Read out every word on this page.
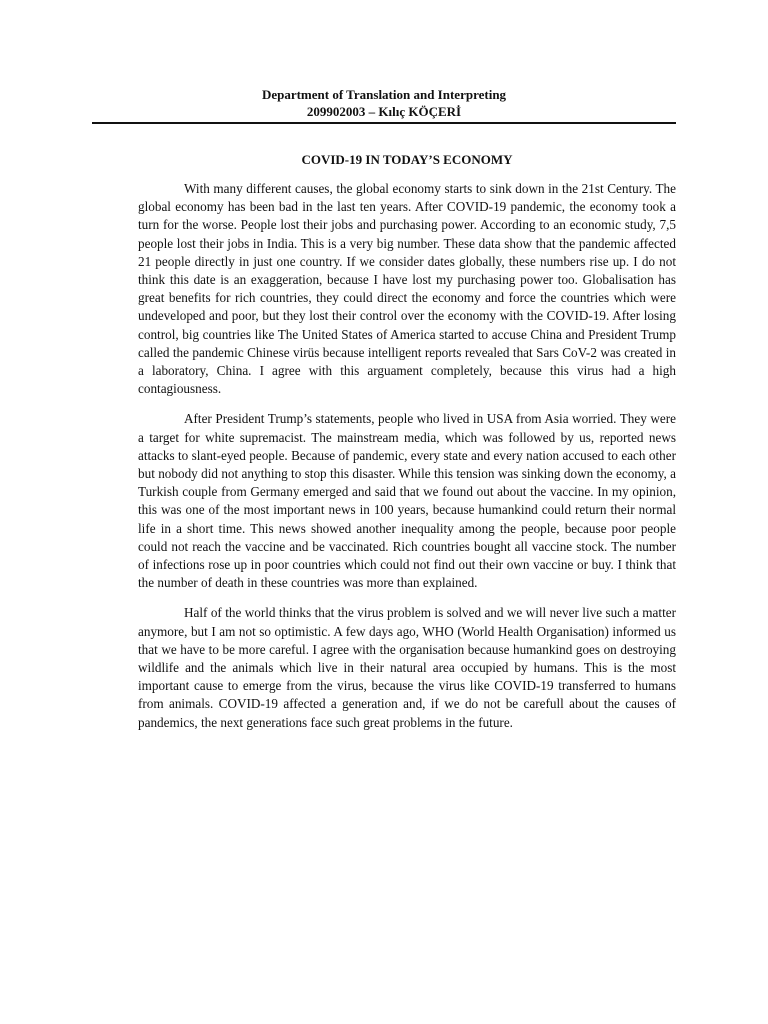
Department of Translation and Interpreting

209902003 – Kılıç KÖÇERİ

COVID-19 IN TODAY’S ECONOMY

With many different causes, the global economy starts to sink down in the 21st Century. The global economy has been bad in the last ten years. After COVID-19 pandemic, the economy took a turn for the worse. People lost their jobs and purchasing power. According to an economic study, 7,5 people lost their jobs in India. This is a very big number. These data show that the pandemic affected 21 people directly in just one country. If we consider dates globally, these numbers rise up. I do not think this date is an exaggeration, because I have lost my purchasing power too. Globalisation has great benefits for rich countries, they could direct the economy and force the countries which were undeveloped and poor, but they lost their control over the economy with the COVID-19. After losing control, big countries like The United States of America started to accuse China and President Trump called the pandemic Chinese virüs because intelligent reports revealed that Sars CoV-2 was created in a laboratory, China. I agree with this arguament completely, because this virus had a high contagiousness.

After President Trump’s statements, people who lived in USA from Asia worried. They were a target for white supremacist. The mainstream media, which was followed by us, reported news attacks to slant-eyed people. Because of pandemic, every state and every nation accused to each other but nobody did not anything to stop this disaster. While this tension was sinking down the economy, a Turkish couple from Germany emerged and said that we found out about the vaccine. In my opinion, this was one of the most important news in 100 years, because humankind could return their normal life in a short time. This news showed another inequality among the people, because poor people could not reach the vaccine and be vaccinated. Rich countries bought all vaccine stock. The number of infections rose up in poor countries which could not find out their own vaccine or buy. I think that the number of death in these countries was more than explained.

Half of the world thinks that the virus problem is solved and we will never live such a matter anymore, but I am not so optimistic. A few days ago, WHO (World Health Organisation) informed us that we have to be more careful. I agree with the organisation because humankind goes on destroying wildlife and the animals which live in their natural area occupied by humans. This is the most important cause to emerge from the virus, because the virus like COVID-19 transferred to humans from animals. COVID-19 affected a generation and, if we do not be carefull about the causes of pandemics, the next generations face such great problems in the future.
